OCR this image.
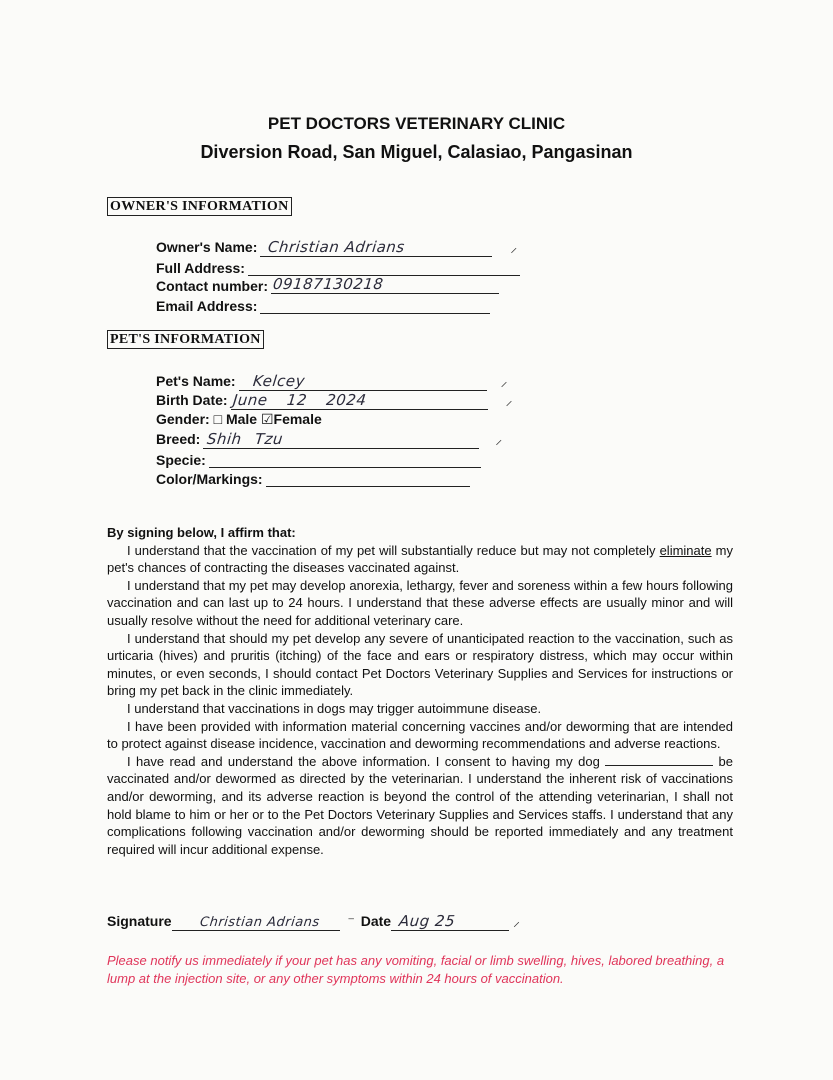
PET DOCTORS VETERINARY CLINIC
Diversion Road, San Miguel, Calasiao, Pangasinan
OWNER'S INFORMATION
Owner's Name: Christian Adrians	⸝
Full Address:
Contact number: 09187130218
Email Address:
PET'S INFORMATION
Pet's Name: Kelcey	⸝
Birth Date: June 12 2024	⸝
Gender: □ Male ☑Female
Breed: Shih Tzu	⸝
Specie:
Color/Markings:

By signing below, I affirm that:

I understand that the vaccination of my pet will substantially reduce but may not completely eliminate my pet's chances of contracting the diseases vaccinated against.

I understand that my pet may develop anorexia, lethargy, fever and soreness within a few hours following vaccination and can last up to 24 hours. I understand that these adverse effects are usually minor and will usually resolve without the need for additional veterinary care.

I understand that should my pet develop any severe of unanticipated reaction to the vaccination, such as urticaria (hives) and pruritis (itching) of the face and ears or respiratory distress, which may occur within minutes, or even seconds, I should contact Pet Doctors Veterinary Supplies and Services for instructions or bring my pet back in the clinic immediately.

I understand that vaccinations in dogs may trigger autoimmune disease.

I have been provided with information material concerning vaccines and/or deworming that are intended to protect against disease incidence, vaccination and deworming recommendations and adverse reactions.

I have read and understand the above information. I consent to having my dog	be vaccinated and/or dewormed as directed by the veterinarian. I understand the inherent risk of vaccinations and/or deworming, and its adverse reaction is beyond the control of the attending veterinarian, I shall not hold blame to him or her or to the Pet Doctors Veterinary Supplies and Services staffs. I understand that any complications following vaccination and/or deworming should be reported immediately and any treatment required will incur additional expense.

Signature Christian Adrians ⁻ Date Aug 25	⸝
Please notify us immediately if your pet has any vomiting, facial or limb swelling, hives, labored breathing, a lump at the injection site, or any other symptoms within 24 hours of vaccination.
